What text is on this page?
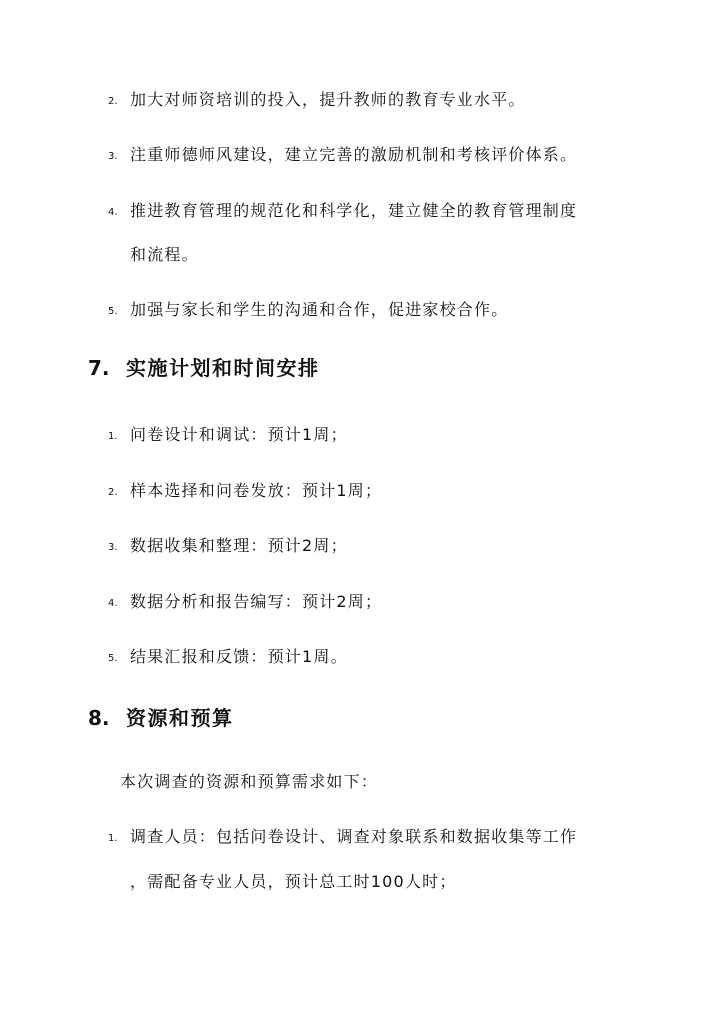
2. 加大对师资培训的投入，提升教师的教育专业水平。
3. 注重师德师风建设，建立完善的激励机制和考核评价体系。
4. 推进教育管理的规范化和科学化，建立健全的教育管理制度
和流程。
5. 加强与家长和学生的沟通和合作，促进家校合作。
7. 实施计划和时间安排
1. 问卷设计和调试：预计1周；
2. 样本选择和问卷发放：预计1周；
3. 数据收集和整理：预计2周；
4. 数据分析和报告编写：预计2周；
5. 结果汇报和反馈：预计1周。
8. 资源和预算
本次调查的资源和预算需求如下：
1. 调查人员：包括问卷设计、调查对象联系和数据收集等工作
，需配备专业人员，预计总工时100人时；
